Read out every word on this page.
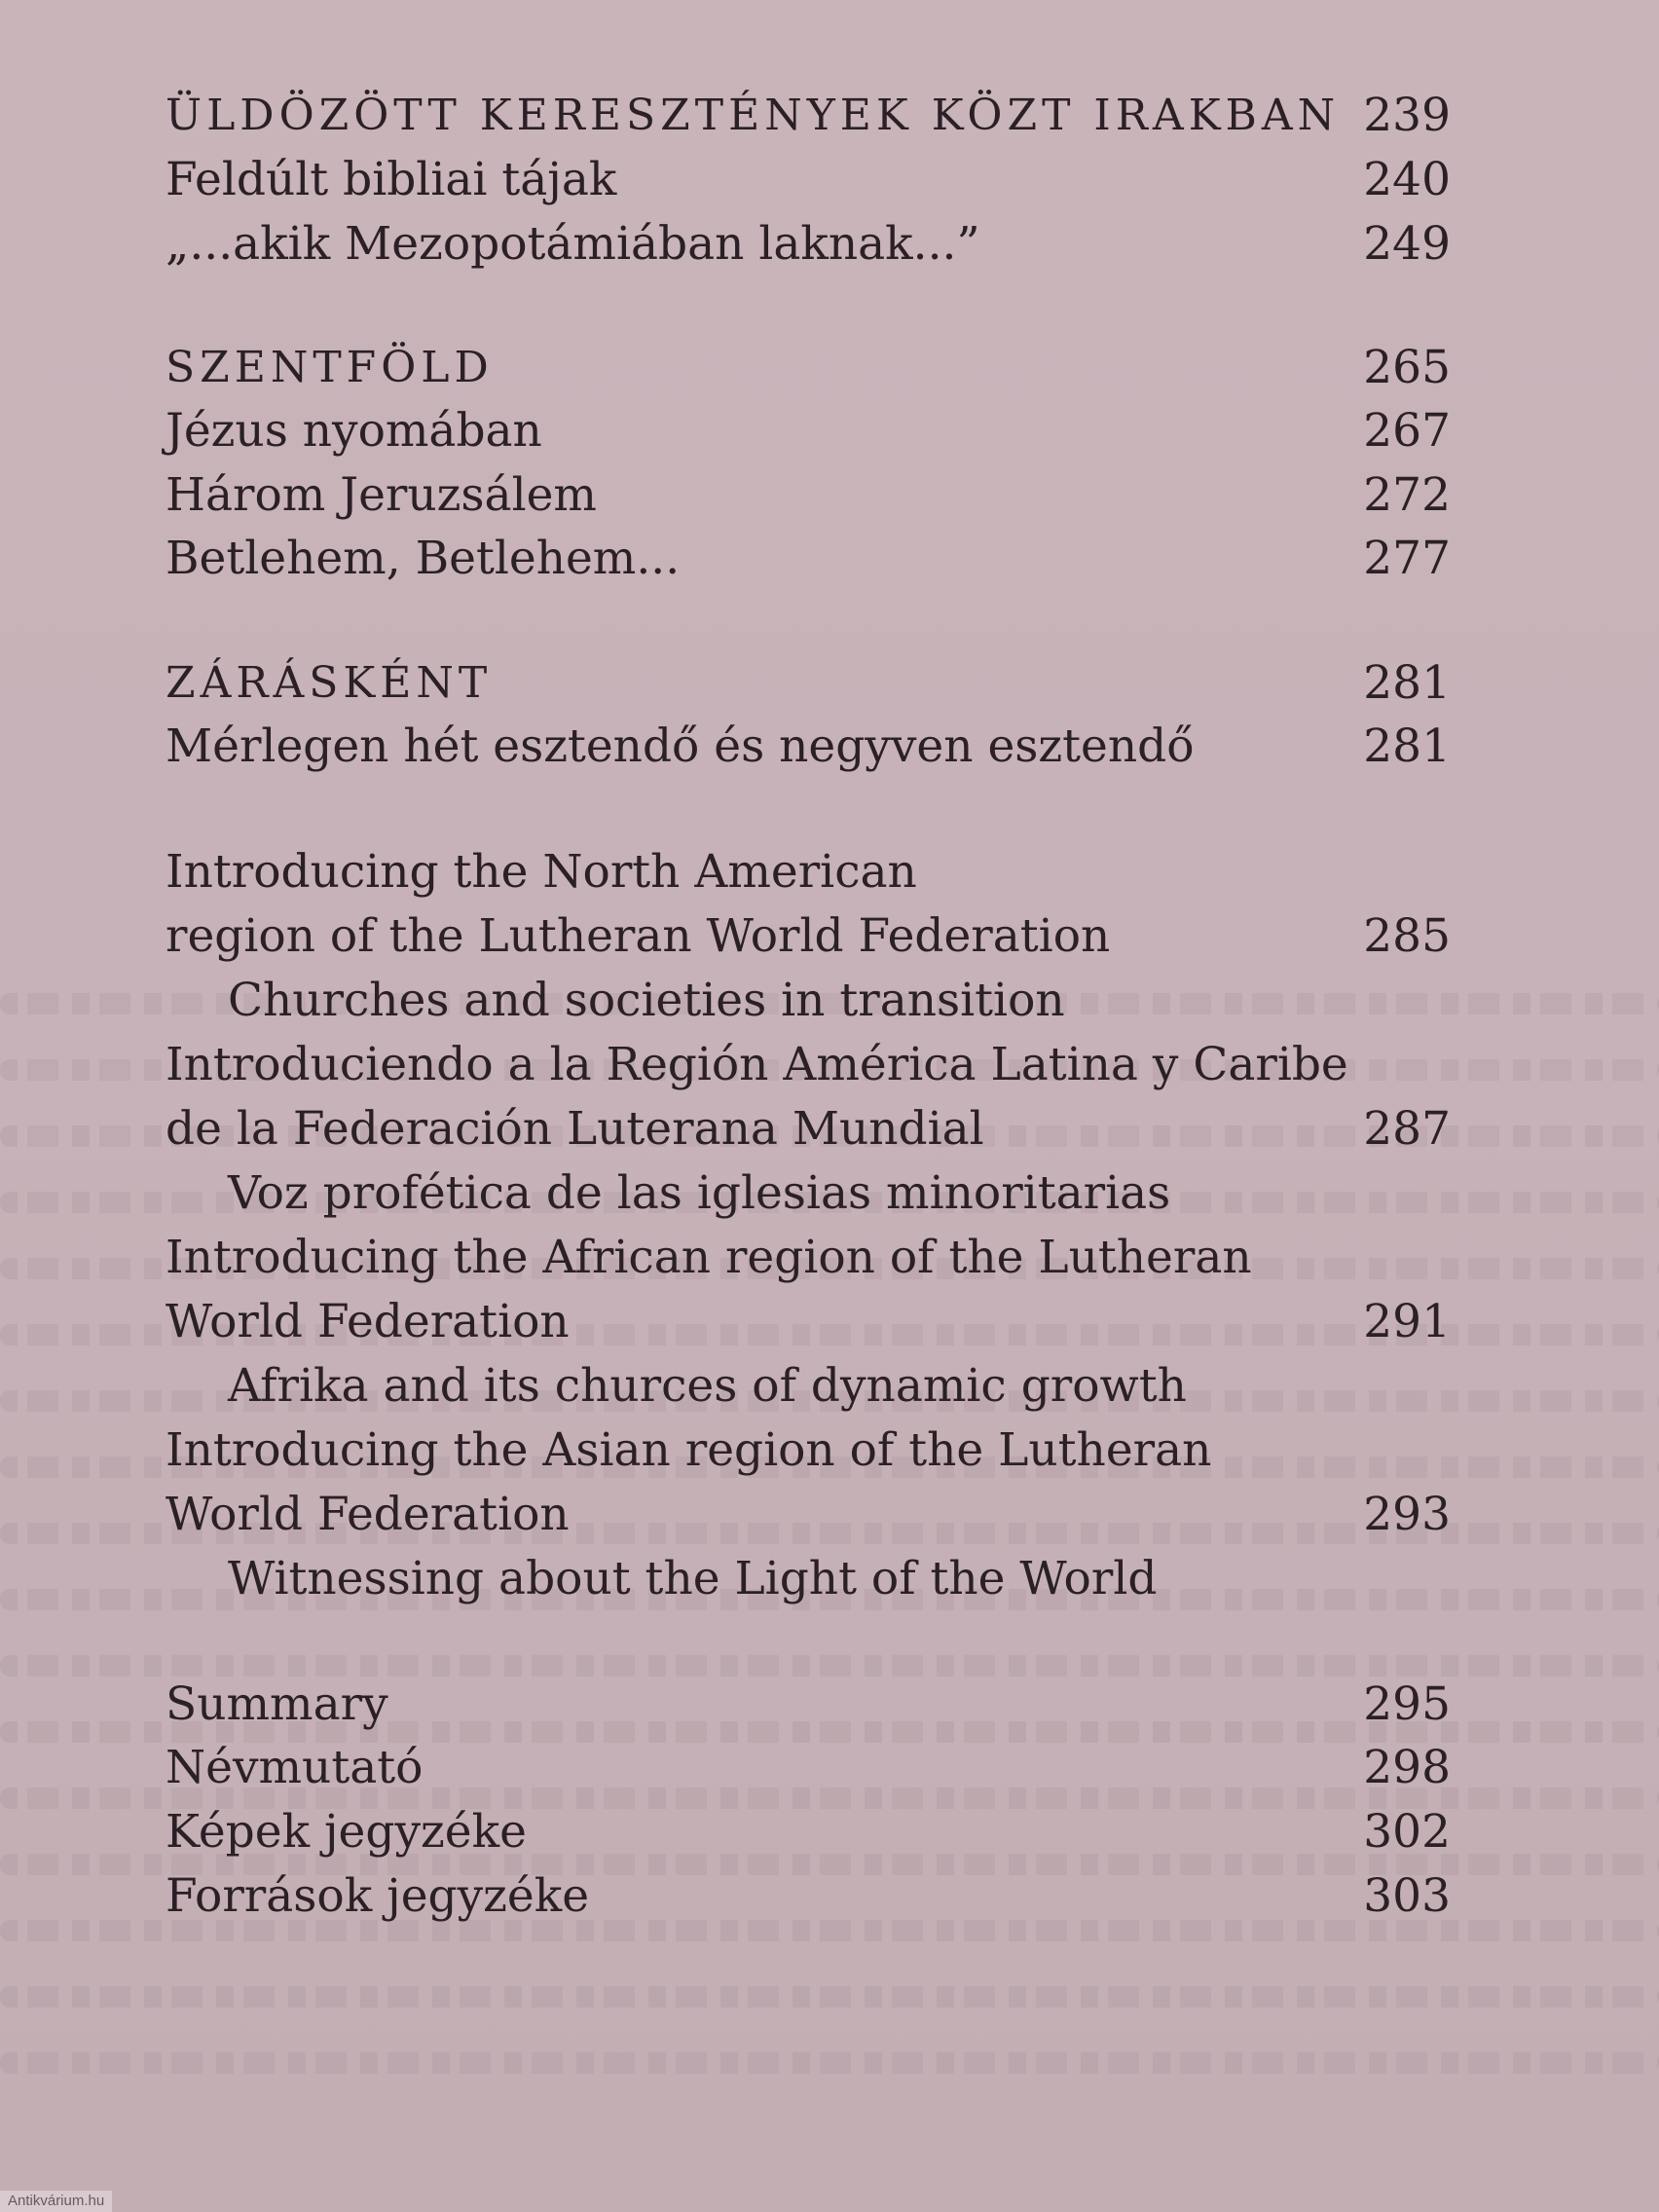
ÜLDÖZÖTT KERESZTÉNYEK KÖZT IRAKBAN 239
Feldúlt bibliai tájak	240
„...akik Mezopotámiában laknak...”	249
SZENTFÖLD	265
Jézus nyomában	267
Három Jeruzsálem	272
Betlehem, Betlehem...	277
ZÁRÁSKÉNT	281
Mérlegen hét esztendő és negyven esztendő	281
Introducing the North American
region of the Lutheran World Federation	285
Churches and societies in transition
Introduciendo a la Región América Latina y Caribe
de la Federación Luterana Mundial	287
Voz profética de las iglesias minoritarias
Introducing the African region of the Lutheran
World Federation	291
Afrika and its churces of dynamic growth
Introducing the Asian region of the Lutheran
World Federation	293
Witnessing about the Light of the World
Summary	295
Névmutató	298
Képek jegyzéke	302
Források jegyzéke	303
Antikvárium.hu
